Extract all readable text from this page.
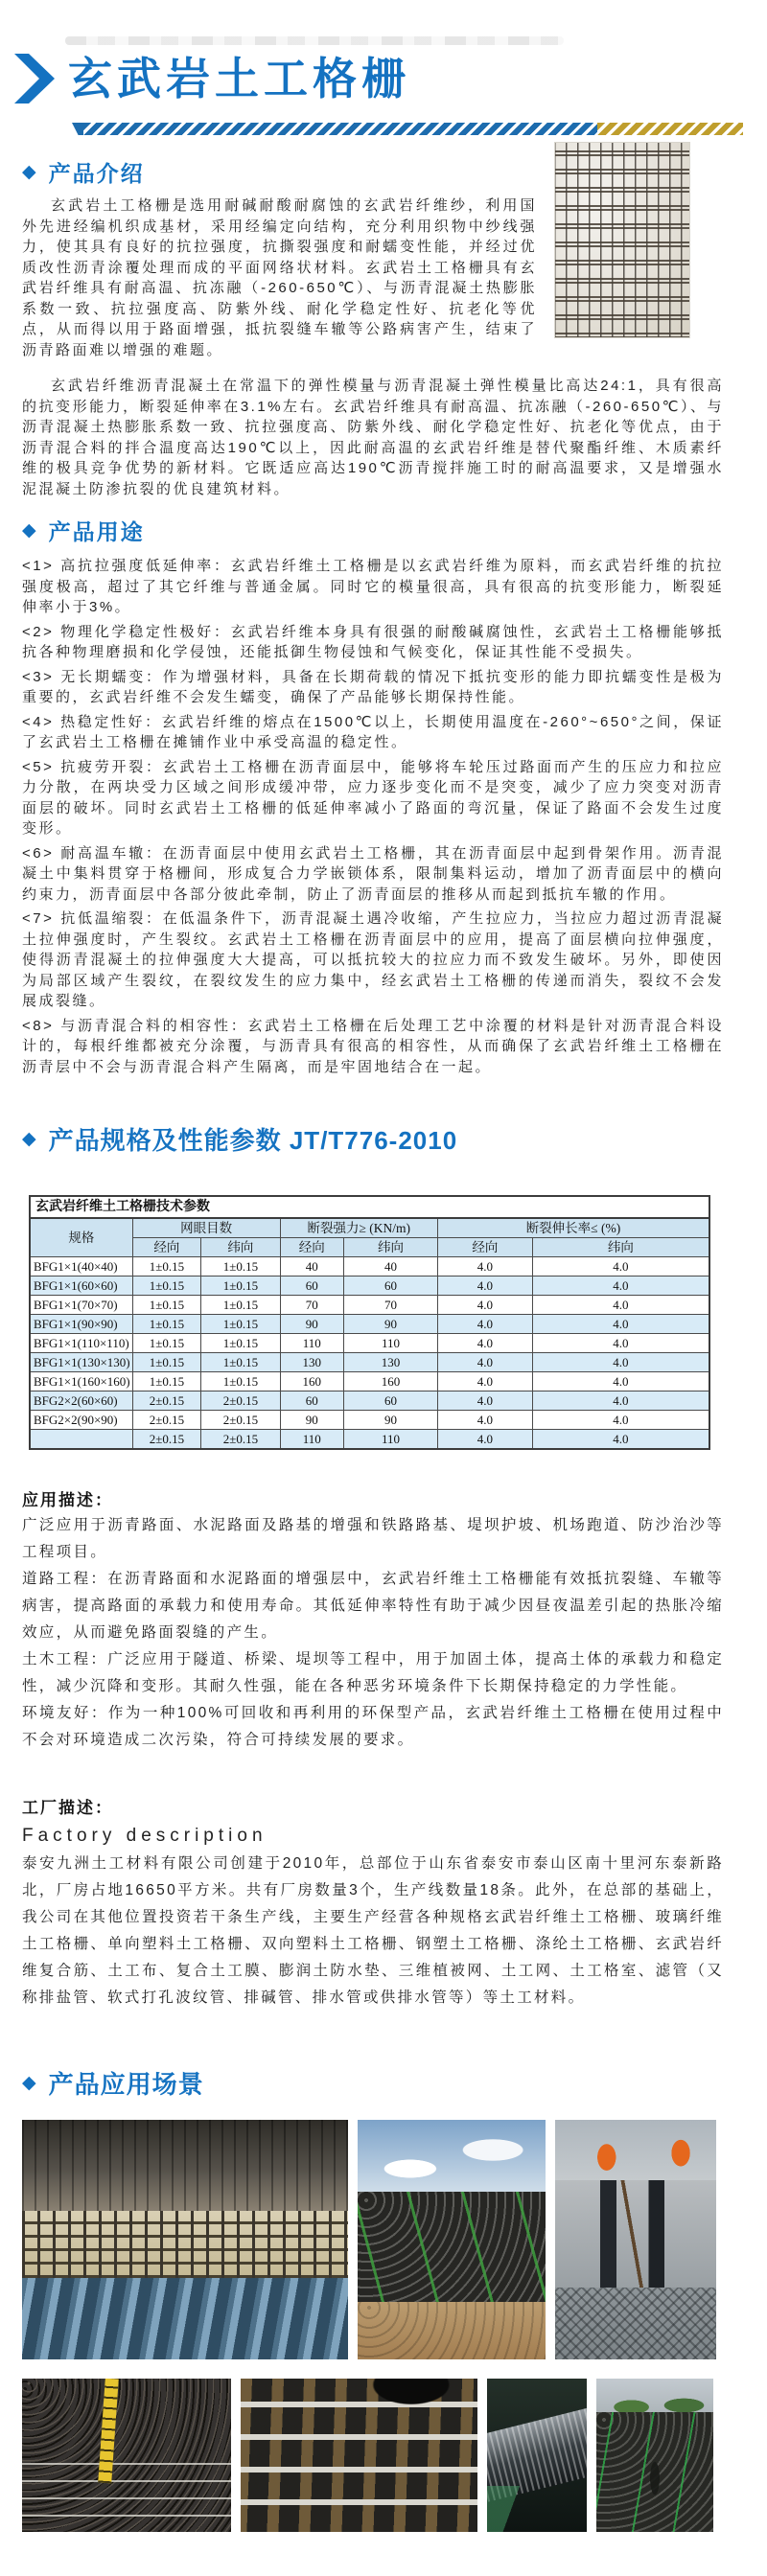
玄武岩土工格栅
◆ 产品介绍

玄武岩土工格栅是选用耐碱耐酸耐腐蚀的玄武岩纤维纱，利用国外先进经编机织成基材，采用经编定向结构，充分利用织物中纱线强力，使其具有良好的抗拉强度，抗撕裂强度和耐蠕变性能，并经过优质改性沥青涂覆处理而成的平面网络状材料。玄武岩土工格栅具有玄武岩纤维具有耐高温、抗冻融（-260-650℃）、与沥青混凝土热膨胀系数一致、抗拉强度高、防紫外线、耐化学稳定性好、抗老化等优点，从而得以用于路面增强，抵抗裂缝车辙等公路病害产生，结束了沥青路面难以增强的难题。

玄武岩纤维沥青混凝土在常温下的弹性模量与沥青混凝土弹性模量比高达24:1，具有很高的抗变形能力，断裂延伸率在3.1%左右。玄武岩纤维具有耐高温、抗冻融（-260-650℃）、与沥青混凝土热膨胀系数一致、抗拉强度高、防紫外线、耐化学稳定性好、抗老化等优点，由于沥青混合料的拌合温度高达190℃以上，因此耐高温的玄武岩纤维是替代聚酯纤维、木质素纤维的极具竞争优势的新材料。它既适应高达190℃沥青搅拌施工时的耐高温要求，又是增强水泥混凝土防渗抗裂的优良建筑材料。

◆ 产品用途

<1> 高抗拉强度低延伸率：玄武岩纤维土工格栅是以玄武岩纤维为原料，而玄武岩纤维的抗拉强度极高，超过了其它纤维与普通金属。同时它的模量很高，具有很高的抗变形能力，断裂延伸率小于3%。

<2> 物理化学稳定性极好：玄武岩纤维本身具有很强的耐酸碱腐蚀性，玄武岩土工格栅能够抵抗各种物理磨损和化学侵蚀，还能抵御生物侵蚀和气候变化，保证其性能不受损失。

<3> 无长期蠕变：作为增强材料，具备在长期荷载的情况下抵抗变形的能力即抗蠕变性是极为重要的，玄武岩纤维不会发生蠕变，确保了产品能够长期保持性能。

<4> 热稳定性好：玄武岩纤维的熔点在1500℃以上，长期使用温度在-260°~650°之间，保证了玄武岩土工格栅在摊铺作业中承受高温的稳定性。

<5> 抗疲劳开裂：玄武岩土工格栅在沥青面层中，能够将车轮压过路面而产生的压应力和拉应力分散，在两块受力区域之间形成缓冲带，应力逐步变化而不是突变，减少了应力突变对沥青面层的破坏。同时玄武岩土工格栅的低延伸率减小了路面的弯沉量，保证了路面不会发生过度变形。

<6> 耐高温车辙：在沥青面层中使用玄武岩土工格栅，其在沥青面层中起到骨架作用。沥青混凝土中集料贯穿于格栅间，形成复合力学嵌锁体系，限制集料运动，增加了沥青面层中的横向约束力，沥青面层中各部分彼此牵制，防止了沥青面层的推移从而起到抵抗车辙的作用。

<7> 抗低温缩裂：在低温条件下，沥青混凝土遇冷收缩，产生拉应力，当拉应力超过沥青混凝土拉伸强度时，产生裂纹。玄武岩土工格栅在沥青面层中的应用，提高了面层横向拉伸强度，使得沥青混凝土的拉伸强度大大提高，可以抵抗较大的拉应力而不致发生破坏。另外，即使因为局部区域产生裂纹，在裂纹发生的应力集中，经玄武岩土工格栅的传递而消失，裂纹不会发展成裂缝。

<8> 与沥青混合料的相容性：玄武岩土工格栅在后处理工艺中涂覆的材料是针对沥青混合料设计的，每根纤维都被充分涂覆，与沥青具有很高的相容性，从而确保了玄武岩纤维土工格栅在沥青层中不会与沥青混合料产生隔离，而是牢固地结合在一起。

◆ 产品规格及性能参数 JT/T776-2010
玄武岩纤维土工格栅技术参数						
规格	网眼目数		断裂强力≥ (KN/m)		断裂伸长率≤ (%)	
	经向	纬向	经向	纬向	经向	纬向
BFG1×1(40×40)	1±0.15	1±0.15	40	40	4.0	4.0
BFG1×1(60×60)	1±0.15	1±0.15	60	60	4.0	4.0
BFG1×1(70×70)	1±0.15	1±0.15	70	70	4.0	4.0
BFG1×1(90×90)	1±0.15	1±0.15	90	90	4.0	4.0
BFG1×1(110×110)	1±0.15	1±0.15	110	110	4.0	4.0
BFG1×1(130×130)	1±0.15	1±0.15	130	130	4.0	4.0
BFG1×1(160×160)	1±0.15	1±0.15	160	160	4.0	4.0
BFG2×2(60×60)	2±0.15	2±0.15	60	60	4.0	4.0
BFG2×2(90×90)	2±0.15	2±0.15	90	90	4.0	4.0
	2±0.15	2±0.15	110	110	4.0	4.0
应用描述：

广泛应用于沥青路面、水泥路面及路基的增强和铁路路基、堤坝护坡、机场跑道、防沙治沙等工程项目。

道路工程：在沥青路面和水泥路面的增强层中，玄武岩纤维土工格栅能有效抵抗裂缝、车辙等病害，提高路面的承载力和使用寿命。其低延伸率特性有助于减少因昼夜温差引起的热胀冷缩效应，从而避免路面裂缝的产生。

土木工程：广泛应用于隧道、桥梁、堤坝等工程中，用于加固土体，提高土体的承载力和稳定性，减少沉降和变形。其耐久性强，能在各种恶劣环境条件下长期保持稳定的力学性能。

环境友好：作为一种100%可回收和再利用的环保型产品，玄武岩纤维土工格栅在使用过程中不会对环境造成二次污染，符合可持续发展的要求。

工厂描述：
Factory description

泰安九洲土工材料有限公司创建于2010年，总部位于山东省泰安市泰山区南十里河东泰新路北，厂房占地16650平方米。共有厂房数量3个，生产线数量18条。此外，在总部的基础上，我公司在其他位置投资若干条生产线，主要生产经营各种规格玄武岩纤维土工格栅、玻璃纤维土工格栅、单向塑料土工格栅、双向塑料土工格栅、钢塑土工格栅、涤纶土工格栅、玄武岩纤维复合筋、土工布、复合土工膜、膨润土防水垫、三维植被网、土工网、土工格室、滤管（又称排盐管、软式打孔波纹管、排碱管、排水管或供排水管等）等土工材料。

◆ 产品应用场景
